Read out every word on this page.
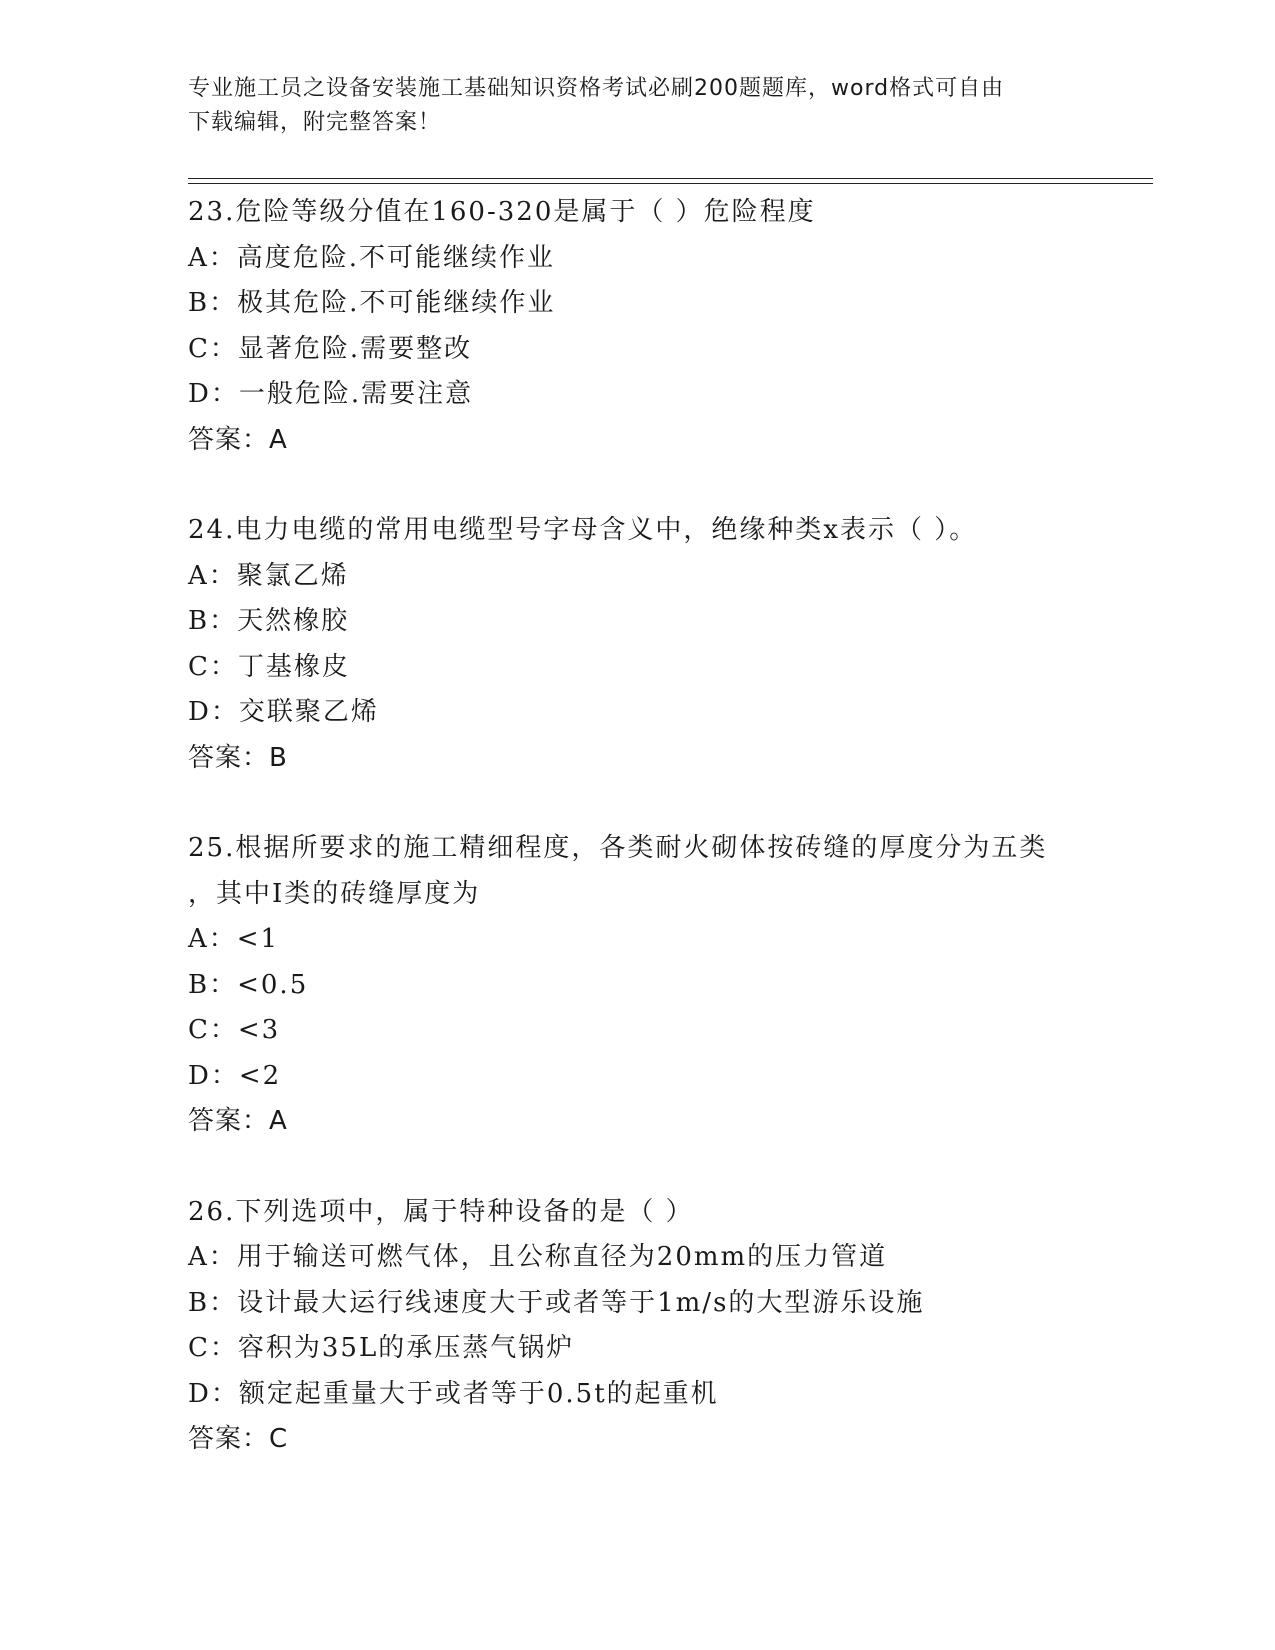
专业施工员之设备安装施工基础知识资格考试必刷200题题库，word格式可自由
下载编辑，附完整答案！
23.危险等级分值在160-320是属于（ ）危险程度
A：高度危险.不可能继续作业
B：极其危险.不可能继续作业
C：显著危险.需要整改
D：一般危险.需要注意
答案：A
24.电力电缆的常用电缆型号字母含义中，绝缘种类x表示（ ）。
A：聚氯乙烯
B：天然橡胶
C：丁基橡皮
D：交联聚乙烯
答案：B
25.根据所要求的施工精细程度，各类耐火砌体按砖缝的厚度分为五类
，其中I类的砖缝厚度为
A：<1
B：<0.5
C：<3
D：<2
答案：A
26.下列选项中，属于特种设备的是（ ）
A：用于输送可燃气体，且公称直径为20mm的压力管道
B：设计最大运行线速度大于或者等于1m/s的大型游乐设施
C：容积为35L的承压蒸气锅炉
D：额定起重量大于或者等于0.5t的起重机
答案：C
